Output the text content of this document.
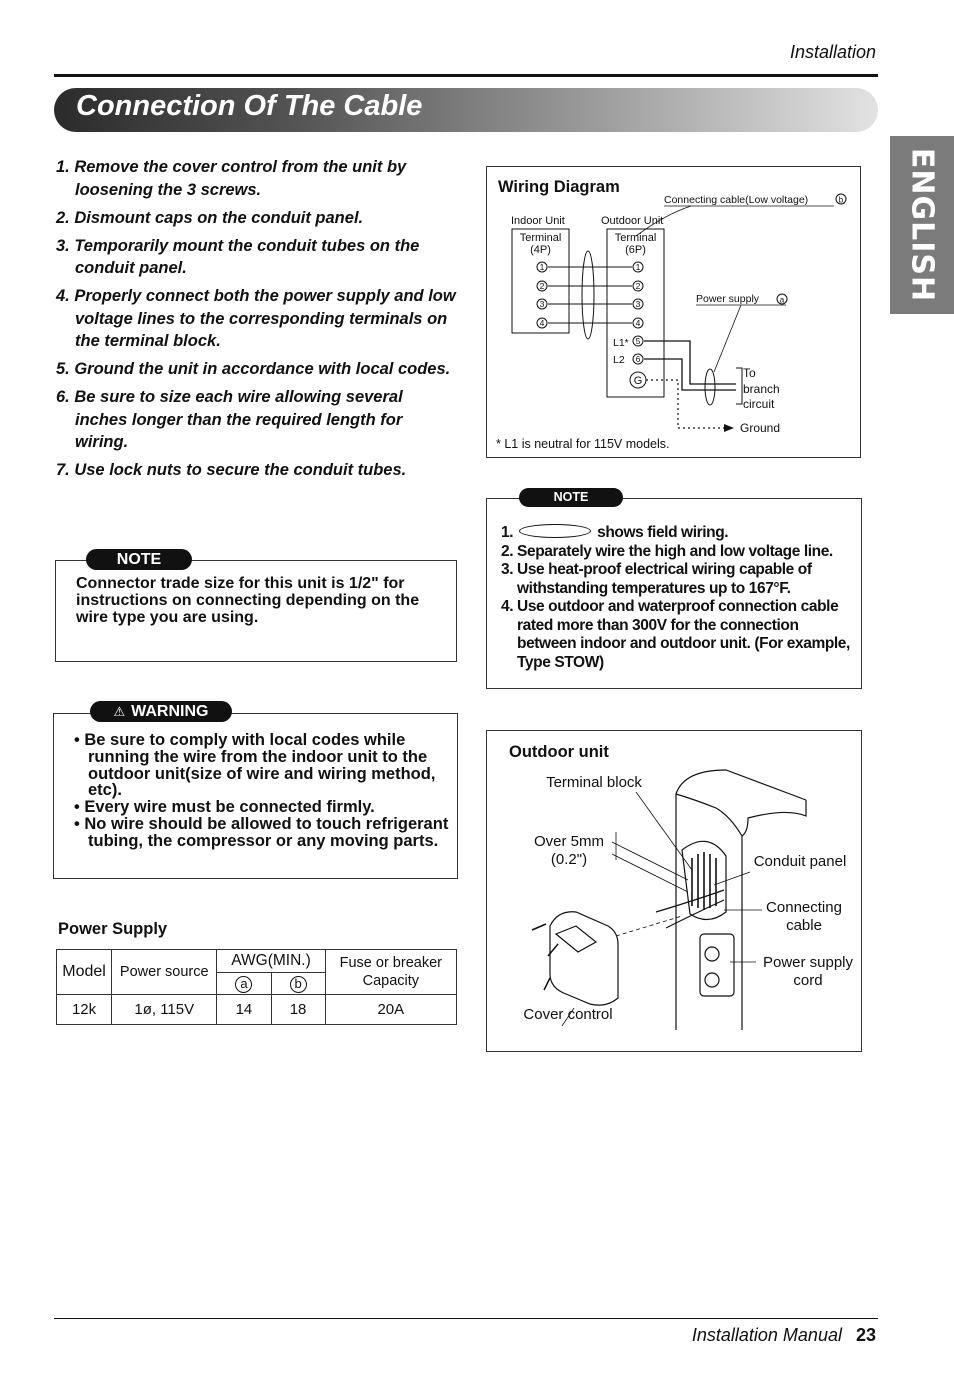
Installation
Connection Of The Cable
ENGLISH
1. Remove the cover control from the unit by loosening the 3 screws.
2. Dismount caps on the conduit panel.
3. Temporarily mount the conduit tubes on the conduit panel.
4. Properly connect both the power supply and low voltage lines to the corresponding terminals on the terminal block.
5. Ground the unit in accordance with local codes.
6. Be sure to size each wire allowing several inches longer than the required length for wiring.
7. Use lock nuts to secure the conduit tubes.
NOTE
Connector trade size for this unit is 1/2" for instructions on connecting depending on the wire type you are using.
⚠ WARNING
• Be sure to comply with local codes while running the wire from the indoor unit to the outdoor unit(size of wire and wiring method, etc).
• Every wire must be connected firmly.
• No wire should be allowed to touch refrigerant tubing, the compressor or any moving parts.
Power Supply
Model	Power source	AWG(MIN.)		Fuse or breaker Capacity
		a	b	
12k	1ø, 115V	14	18	20A
Wiring Diagram
Connecting cable(Low voltage)	b
Indoor Unit	Outdoor Unit
Terminal
(4P)
Terminal
(6P)
1
2
3
4
1
2
3
4
5
6
L1*
L2
G
Power supply	a
To
branch
circuit
Ground
* L1 is neutral for 115V models.
NOTE
1.	shows field wiring.
2. Separately wire the high and low voltage line.
3. Use heat-proof electrical wiring capable of withstanding temperatures up to 167°F.
4. Use outdoor and waterproof connection cable rated more than 300V for the connection between indoor and outdoor unit. (For example, Type STOW)
Outdoor unit
Terminal block
Over 5mm
(0.2")	Conduit panel
Connecting
cable
Power supply
cord
Cover control
Installation Manual 23
